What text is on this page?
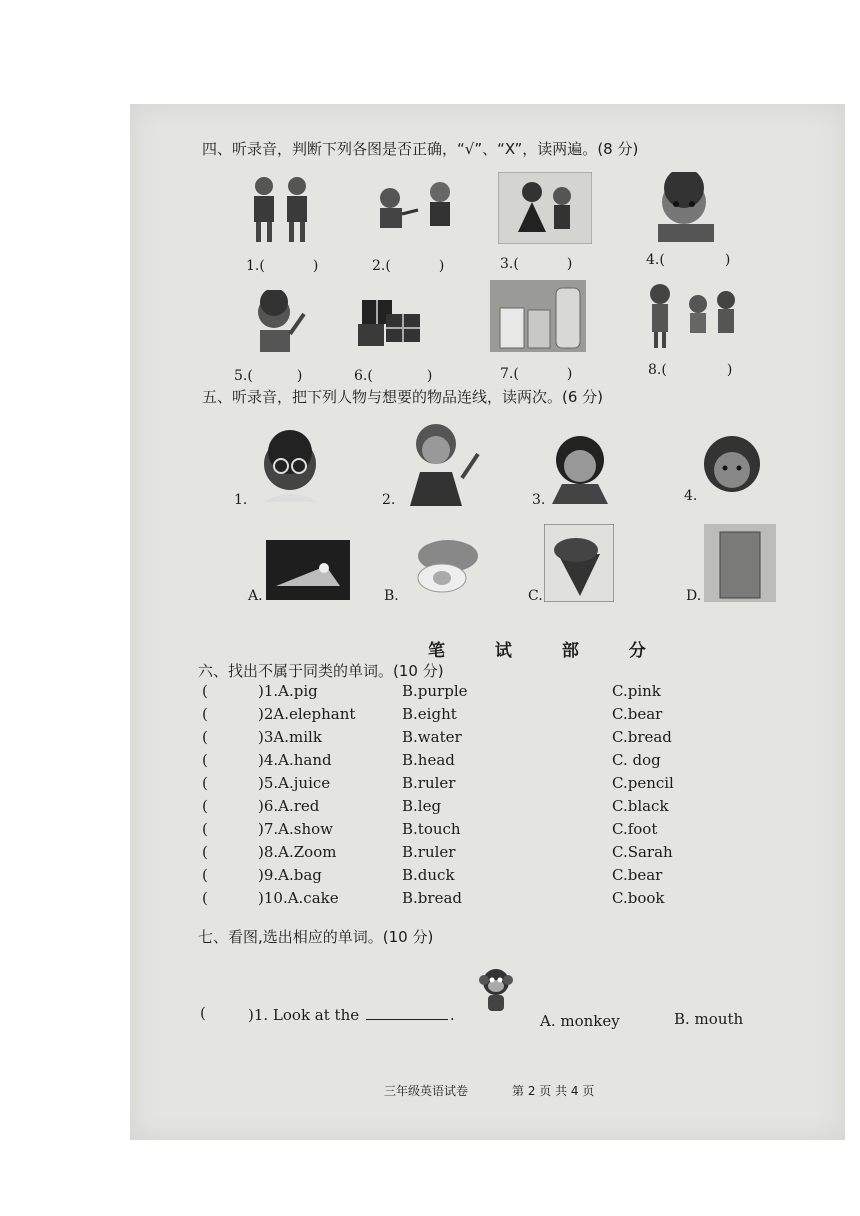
四、听录音，判断下列各图是否正确，“√”、“X”，读两遍。(8 分)
1.(	)	2.(	)	3.(	)	4.(	)
5.(	)	6.(	)	7.(	)	8.(	)
五、听录音，把下列人物与想要的物品连线，读两次。(6 分)
1.	2.	3.	4.
A.	B.	C.	D.
笔 试 部 分
六、找出不属于同类的单词。(10 分)
(	)1.A.pig	B.purple	C.pink
(	)2A.elephant	B.eight	C.bear
(	)3A.milk	B.water	C.bread
(	)4.A.hand	B.head	C. dog
(	)5.A.juice	B.ruler	C.pencil
(	)6.A.red	B.leg	C.black
(	)7.A.show	B.touch	C.foot
(	)8.A.Zoom	B.ruler	C.Sarah
(	)9.A.bag	B.duck	C.bear
(	)10.A.cake	B.bread	C.book
七、看图,选出相应的单词。(10 分)
(	)1. Look at the	.	A. monkey	B. mouth
三年级英语试卷	第 2 页 共 4 页
